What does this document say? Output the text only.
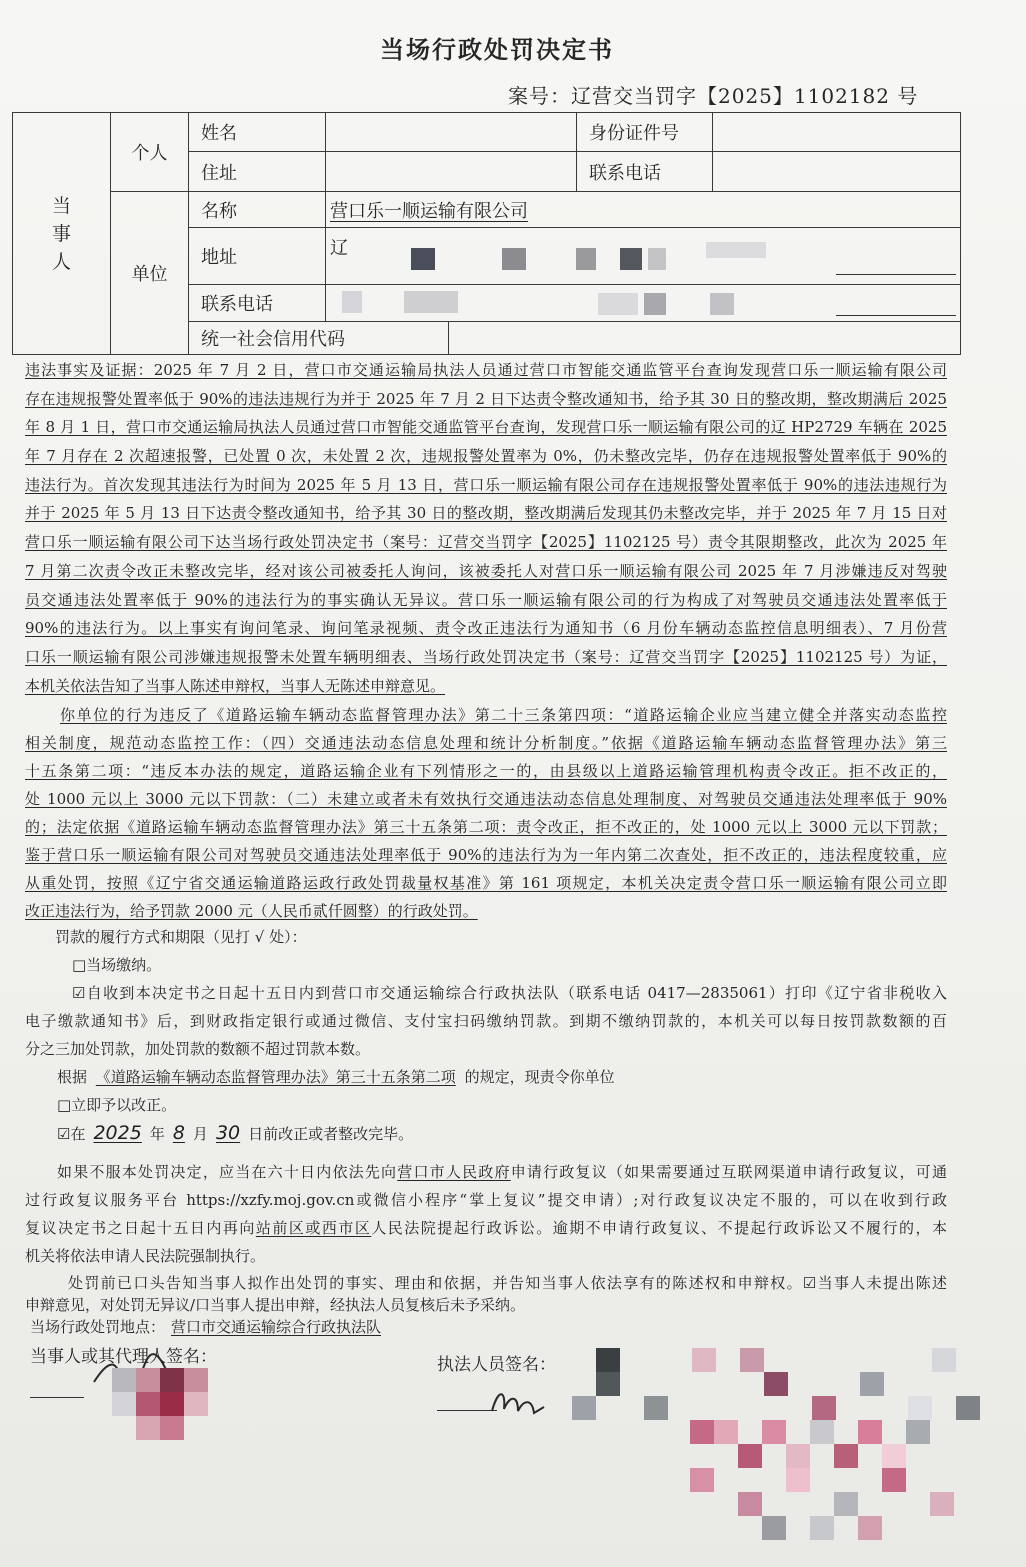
当场行政处罚决定书
案号：辽营交当罚字【2025】1102182 号
当事人	个人	姓名			身份证件号	
		住址			联系电话	
	单位	名称	营口乐一顺运输有限公司			
		地址	辽			

		联系电话				

		统一社会信用代码				
违法事实及证据：2025 年 7 月 2 日，营口市交通运输局执法人员通过营口市智能交通监管平台查询发现营口乐一顺运输有限公司
存在违规报警处置率低于 90%的违法违规行为并于 2025 年 7 月 2 日下达责令整改通知书，给予其 30 日的整改期，整改期满后 2025
年 8 月 1 日，营口市交通运输局执法人员通过营口市智能交通监管平台查询，发现营口乐一顺运输有限公司的辽 HP2729 车辆在 2025
年 7 月存在 2 次超速报警，已处置 0 次，未处置 2 次，违规报警处置率为 0%，仍未整改完毕，仍存在违规报警处置率低于 90%的
违法行为。首次发现其违法行为时间为 2025 年 5 月 13 日，营口乐一顺运输有限公司存在违规报警处置率低于 90%的违法违规行为
并于 2025 年 5 月 13 日下达责令整改通知书，给予其 30 日的整改期，整改期满后发现其仍未整改完毕，并于 2025 年 7 月 15 日对
营口乐一顺运输有限公司下达当场行政处罚决定书（案号：辽营交当罚字【2025】1102125 号）责令其限期整改，此次为 2025 年
7 月第二次责令改正未整改完毕，经对该公司被委托人询问，该被委托人对营口乐一顺运输有限公司 2025 年 7 月涉嫌违反对驾驶
员交通违法处置率低于 90%的违法行为的事实确认无异议。营口乐一顺运输有限公司的行为构成了对驾驶员交通违法处置率低于
90%的违法行为。以上事实有询问笔录、询问笔录视频、责令改正违法行为通知书（6 月份车辆动态监控信息明细表）、7 月份营
口乐一顺运输有限公司涉嫌违规报警未处置车辆明细表、当场行政处罚决定书（案号：辽营交当罚字【2025】1102125 号）为证，
本机关依法告知了当事人陈述申辩权，当事人无陈述申辩意见。
你单位的行为违反了《道路运输车辆动态监督管理办法》第二十三条第四项：“道路运输企业应当建立健全并落实动态监控
相关制度，规范动态监控工作：（四）交通违法动态信息处理和统计分析制度。”依据《道路运输车辆动态监督管理办法》第三
十五条第二项：“违反本办法的规定，道路运输企业有下列情形之一的，由县级以上道路运输管理机构责令改正。拒不改正的，
处 1000 元以上 3000 元以下罚款：（二）未建立或者未有效执行交通违法动态信息处理制度、对驾驶员交通违法处理率低于 90%
的；法定依据《道路运输车辆动态监督管理办法》第三十五条第二项：责令改正，拒不改正的，处 1000 元以上 3000 元以下罚款；
鉴于营口乐一顺运输有限公司对驾驶员交通违法处理率低于 90%的违法行为为一年内第二次查处，拒不改正的，违法程度较重，应
从重处罚，按照《辽宁省交通运输道路运政行政处罚裁量权基准》第 161 项规定，本机关决定责令营口乐一顺运输有限公司立即
改正违法行为，给予罚款 2000 元（人民币贰仟圆整）的行政处罚。
罚款的履行方式和期限（见打 √ 处）：
□当场缴纳。
☑自收到本决定书之日起十五日内到营口市交通运输综合行政执法队（联系电话 0417—2835061）打印《辽宁省非税收入
电子缴款通知书》后，到财政指定银行或通过微信、支付宝扫码缴纳罚款。到期不缴纳罚款的，本机关可以每日按罚款数额的百
分之三加处罚款，加处罚款的数额不超过罚款本数。
根据 《道路运输车辆动态监督管理办法》第三十五条第二项 的规定，现责令你单位
□立即予以改正。
☑在 2025 年 8 月 30 日前改正或者整改完毕。
如果不服本处罚决定，应当在六十日内依法先向营口市人民政府申请行政复议（如果需要通过互联网渠道申请行政复议，可通
过行政复议服务平台 https://xzfy.moj.gov.cn或微信小程序“掌上复议”提交申请）;对行政复议决定不服的，可以在收到行政
复议决定书之日起十五日内再向站前区或西市区人民法院提起行政诉讼。逾期不申请行政复议、不提起行政诉讼又不履行的，本
机关将依法申请人民法院强制执行。
处罚前已口头告知当事人拟作出处罚的事实、理由和依据，并告知当事人依法享有的陈述权和申辩权。☑当事人未提出陈述
申辩意见，对处罚无异议/口当事人提出申辩，经执法人员复核后未予采纳。
当场行政处罚地点： 营口市交通运输综合行政执法队
当事人或其代理人签名：	执法人员签名：
